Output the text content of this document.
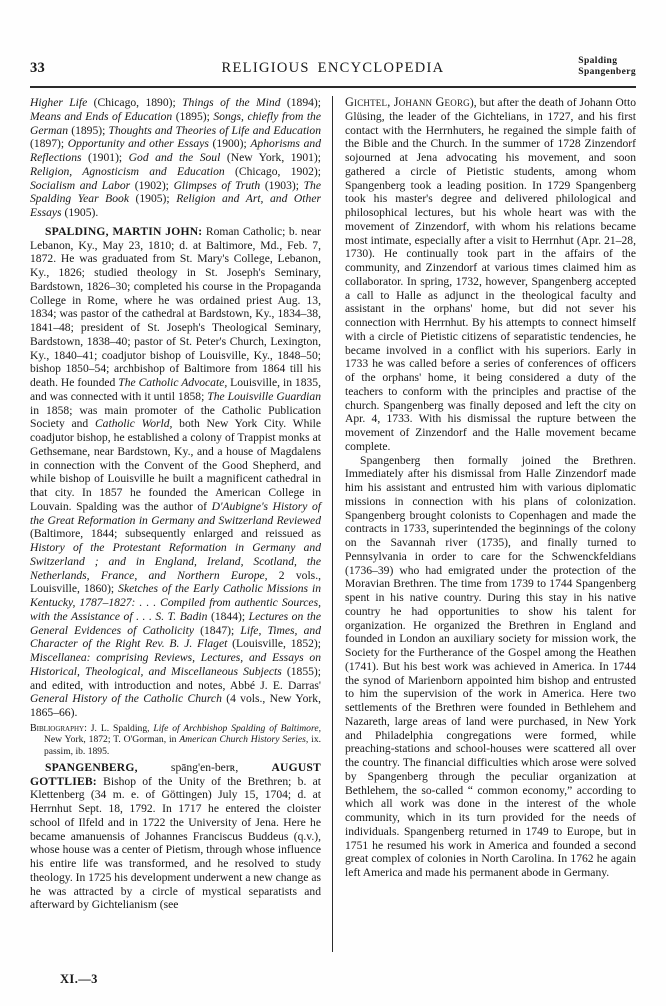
33	RELIGIOUS ENCYCLOPEDIA	Spalding
Spangenberg

Higher Life (Chicago, 1890); Things of the Mind (1894); Means and Ends of Education (1895); Songs, chiefly from the German (1895); Thoughts and Theories of Life and Education (1897); Opportunity and other Essays (1900); Aphorisms and Reflections (1901); God and the Soul (New York, 1901); Religion, Agnosticism and Education (Chicago, 1902); Socialism and Labor (1902); Glimpses of Truth (1903); The Spalding Year Book (1905); Religion and Art, and Other Essays (1905).

SPALDING, MARTIN JOHN: Roman Catholic; b. near Lebanon, Ky., May 23, 1810; d. at Baltimore, Md., Feb. 7, 1872. He was graduated from St. Mary's College, Lebanon, Ky., 1826; studied theology in St. Joseph's Seminary, Bardstown, 1826–30; completed his course in the Propaganda College in Rome, where he was ordained priest Aug. 13, 1834; was pastor of the cathedral at Bardstown, Ky., 1834–38, 1841–48; president of St. Joseph's Theological Seminary, Bardstown, 1838–40; pastor of St. Peter's Church, Lexington, Ky., 1840–41; coadjutor bishop of Louisville, Ky., 1848–50; bishop 1850–54; archbishop of Baltimore from 1864 till his death. He founded The Catholic Advocate, Louisville, in 1835, and was connected with it until 1858; The Louisville Guardian in 1858; was main promoter of the Catholic Publication Society and Catholic World, both New York City. While coadjutor bishop, he established a colony of Trappist monks at Gethsemane, near Bardstown, Ky., and a house of Magdalens in connection with the Convent of the Good Shepherd, and while bishop of Louisville he built a magnificent cathedral in that city. In 1857 he founded the American College in Louvain. Spalding was the author of D'Aubigne's History of the Great Reformation in Germany and Switzerland Reviewed (Baltimore, 1844; subsequently enlarged and reissued as History of the Protestant Reformation in Germany and Switzerland ; and in England, Ireland, Scotland, the Netherlands, France, and Northern Europe, 2 vols., Louisville, 1860); Sketches of the Early Catholic Missions in Kentucky, 1787–1827: . . . Compiled from authentic Sources, with the Assistance of . . . S. T. Badin (1844); Lectures on the General Evidences of Catholicity (1847); Life, Times, and Character of the Right Rev. B. J. Flaget (Louisville, 1852); Miscellanea: comprising Reviews, Lectures, and Essays on Historical, Theological, and Miscellaneous Subjects (1855); and edited, with introduction and notes, Abbé J. E. Darras' General History of the Catholic Church (4 vols., New York, 1865–66).

Bibliography: J. L. Spalding, Life of Archbishop Spalding of Baltimore, New York, 1872; T. O'Gorman, in American Church History Series, ix. passim, ib. 1895.

SPANGENBERG, spāng'en-berʀ, AUGUST GOTTLIEB: Bishop of the Unity of the Brethren; b. at Klettenberg (34 m. e. of Göttingen) July 15, 1704; d. at Herrnhut Sept. 18, 1792. In 1717 he entered the cloister school of Ilfeld and in 1722 the University of Jena. Here he became amanuensis of Johannes Franciscus Buddeus (q.v.), whose house was a center of Pietism, through whose influence his entire life was transformed, and he resolved to study theology. In 1725 his development underwent a new change as he was attracted by a circle of mystical separatists and afterward by Gichtelianism (see

Gichtel, Johann Georg), but after the death of Johann Otto Glüsing, the leader of the Gichtelians, in 1727, and his first contact with the Herrnhuters, he regained the simple faith of the Bible and the Church. In the summer of 1728 Zinzendorf sojourned at Jena advocating his movement, and soon gathered a circle of Pietistic students, among whom Spangenberg took a leading position. In 1729 Spangenberg took his master's degree and delivered philological and philosophical lectures, but his whole heart was with the movement of Zinzendorf, with whom his relations became most intimate, especially after a visit to Herrnhut (Apr. 21–28, 1730). He continually took part in the affairs of the community, and Zinzendorf at various times claimed him as collaborator. In spring, 1732, however, Spangenberg accepted a call to Halle as adjunct in the theological faculty and assistant in the orphans' home, but did not sever his connection with Herrnhut. By his attempts to connect himself with a circle of Pietistic citizens of separatistic tendencies, he became involved in a conflict with his superiors. Early in 1733 he was called before a series of conferences of officers of the orphans' home, it being considered a duty of the teachers to conform with the principles and practise of the church. Spangenberg was finally deposed and left the city on Apr. 4, 1733. With his dismissal the rupture between the movement of Zinzendorf and the Halle movement became complete.

Spangenberg then formally joined the Brethren. Immediately after his dismissal from Halle Zinzendorf made him his assistant and entrusted him with various diplomatic missions in connection with his plans of colonization. Spangenberg brought colonists to Copenhagen and made the contracts in 1733, superintended the beginnings of the colony on the Savannah river (1735), and finally turned to Pennsylvania in order to care for the Schwenckfeldians (1736–39) who had emigrated under the protection of the Moravian Brethren. The time from 1739 to 1744 Spangenberg spent in his native country. During this stay in his native country he had opportunities to show his talent for organization. He organized the Brethren in England and founded in London an auxiliary society for mission work, the Society for the Furtherance of the Gospel among the Heathen (1741). But his best work was achieved in America. In 1744 the synod of Marienborn appointed him bishop and entrusted to him the supervision of the work in America. Here two settlements of the Brethren were founded in Bethlehem and Nazareth, large areas of land were purchased, in New York and Philadelphia congregations were formed, while preaching-stations and school-houses were scattered all over the country. The financial difficulties which arose were solved by Spangenberg through the peculiar organization at Bethlehem, the so-called “ common economy,” according to which all work was done in the interest of the whole community, which in its turn provided for the needs of individuals. Spangenberg returned in 1749 to Europe, but in 1751 he resumed his work in America and founded a second great complex of colonies in North Carolina. In 1762 he again left America and made his permanent abode in Germany.

XI.—3
